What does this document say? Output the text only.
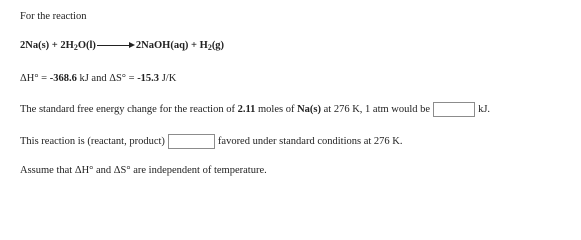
For the reaction
$2Na(s) + 2H_2O(l)$	2NaOH(aq) + $H_2(g)$
ΔH° = -368.6 kJ and ΔS° = -15.3 J/K
The standard free energy change for the reaction of 2.11 moles of Na(s) at 276 K, 1 atm would be	kJ.
This reaction is (reactant, product)	favored under standard conditions at 276 K.
Assume that ΔH° and ΔS° are independent of temperature.
